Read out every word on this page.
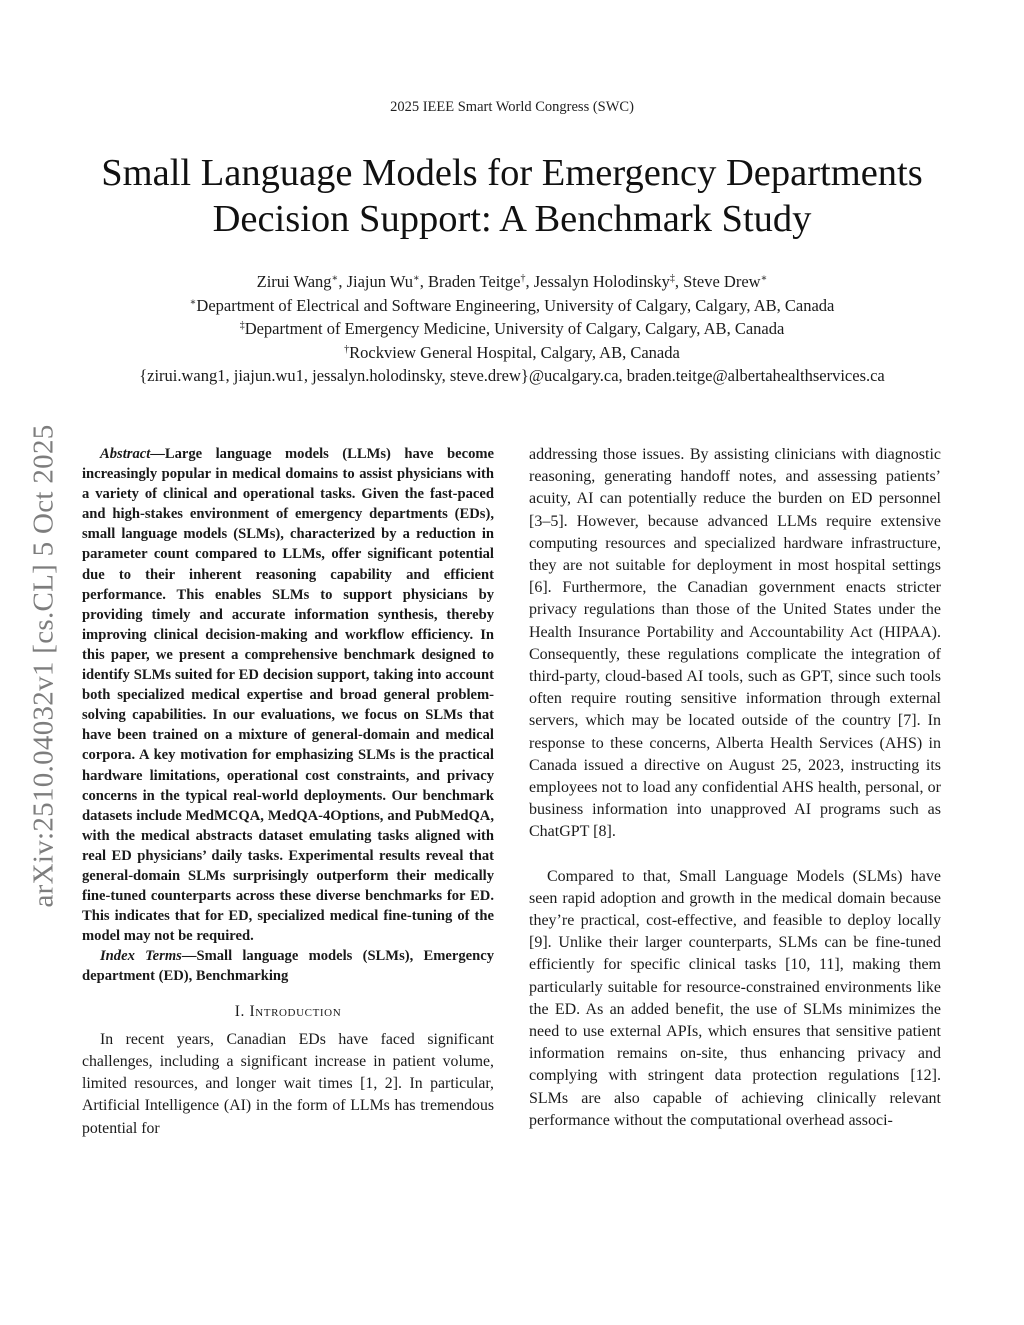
2025 IEEE Smart World Congress (SWC)
Small Language Models for Emergency Departments
Decision Support: A Benchmark Study
Zirui Wang∗, Jiajun Wu∗, Braden Teitge†, Jessalyn Holodinsky‡, Steve Drew∗
∗Department of Electrical and Software Engineering, University of Calgary, Calgary, AB, Canada
‡Department of Emergency Medicine, University of Calgary, Calgary, AB, Canada
†Rockview General Hospital, Calgary, AB, Canada
{zirui.wang1, jiajun.wu1, jessalyn.holodinsky, steve.drew}@ucalgary.ca, braden.teitge@albertahealthservices.ca
arXiv:2510.04032v1 [cs.CL] 5 Oct 2025	Abstract—Large language models (LLMs) have become increasingly popular in medical domains to assist physicians with a variety of clinical and operational tasks. Given the fast-paced and high-stakes environment of emergency departments (EDs), small language models (SLMs), characterized by a reduction in parameter count compared to LLMs, offer significant potential due to their inherent reasoning capability and efficient performance. This enables SLMs to support physicians by providing timely and accurate information synthesis, thereby improving clinical decision-making and workflow efficiency. In this paper, we present a comprehensive benchmark designed to identify SLMs suited for ED decision support, taking into account both specialized medical expertise and broad general problem-solving capabilities. In our evaluations, we focus on SLMs that have been trained on a mixture of general-domain and medical corpora. A key motivation for emphasizing SLMs is the practical hardware limitations, operational cost constraints, and privacy concerns in the typical real-world deployments. Our benchmark datasets include MedMCQA, MedQA-4Options, and PubMedQA, with the medical abstracts dataset emulating tasks aligned with real ED physicians’ daily tasks. Experimental results reveal that general-domain SLMs surprisingly outperform their medically fine-tuned counterparts across these diverse benchmarks for ED. This indicates that for ED, specialized medical fine-tuning of the model may not be required.

Index Terms—Small language models (SLMs), Emergency department (ED), Benchmarking

I. Introduction

In recent years, Canadian EDs have faced significant challenges, including a significant increase in patient volume, limited resources, and longer wait times [1, 2]. In particular, Artificial Intelligence (AI) in the form of LLMs has tremendous potential for

addressing those issues. By assisting clinicians with diagnostic reasoning, generating handoff notes, and assessing patients’ acuity, AI can potentially reduce the burden on ED personnel [3–5]. However, because advanced LLMs require extensive computing resources and specialized hardware infrastructure, they are not suitable for deployment in most hospital settings [6]. Furthermore, the Canadian government enacts stricter privacy regulations than those of the United States under the Health Insurance Portability and Accountability Act (HIPAA). Consequently, these regulations complicate the integration of third-party, cloud-based AI tools, such as GPT, since such tools often require routing sensitive information through external servers, which may be located outside of the country [7]. In response to these concerns, Alberta Health Services (AHS) in Canada issued a directive on August 25, 2023, instructing its employees not to load any confidential AHS health, personal, or business information into unapproved AI programs such as ChatGPT [8].

Compared to that, Small Language Models (SLMs) have seen rapid adoption and growth in the medical domain because they’re practical, cost-effective, and feasible to deploy locally [9]. Unlike their larger counterparts, SLMs can be fine-tuned efficiently for specific clinical tasks [10, 11], making them particularly suitable for resource-constrained environments like the ED. As an added benefit, the use of SLMs minimizes the need to use external APIs, which ensures that sensitive patient information remains on-site, thus enhancing privacy and complying with stringent data protection regulations [12]. SLMs are also capable of achieving clinically relevant performance without the computational overhead associ-
